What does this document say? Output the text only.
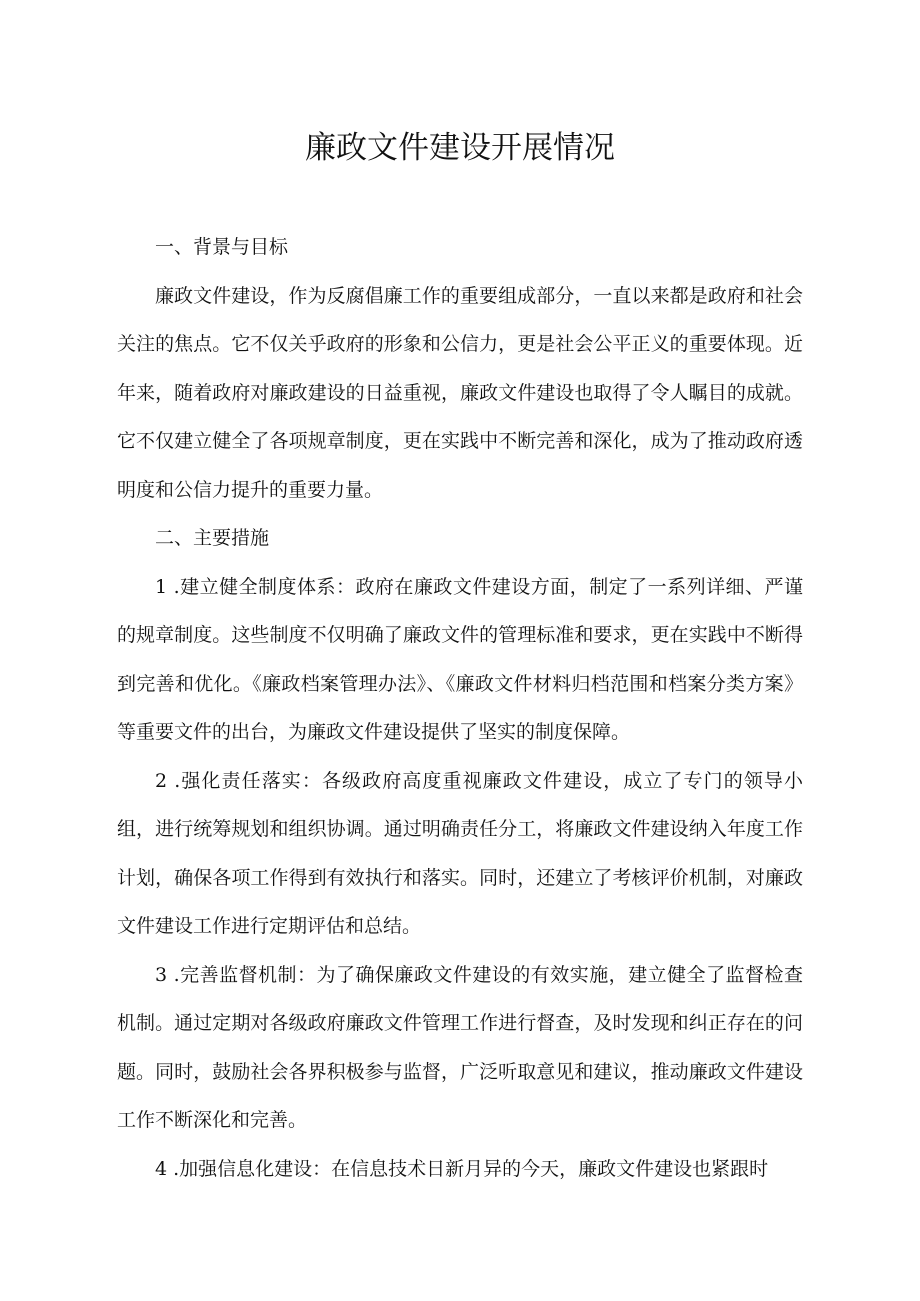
廉政文件建设开展情况

一、背景与目标

廉政文件建设，作为反腐倡廉工作的重要组成部分，一直以来都是政府和社会关注的焦点。它不仅关乎政府的形象和公信力，更是社会公平正义的重要体现。近年来，随着政府对廉政建设的日益重视，廉政文件建设也取得了令人瞩目的成就。它不仅建立健全了各项规章制度，更在实践中不断完善和深化，成为了推动政府透明度和公信力提升的重要力量。

二、主要措施

1 .建立健全制度体系：政府在廉政文件建设方面，制定了一系列详细、严谨的规章制度。这些制度不仅明确了廉政文件的管理标准和要求，更在实践中不断得到完善和优化。《廉政档案管理办法》、《廉政文件材料归档范围和档案分类方案》等重要文件的出台，为廉政文件建设提供了坚实的制度保障。

2 .强化责任落实：各级政府高度重视廉政文件建设，成立了专门的领导小组，进行统筹规划和组织协调。通过明确责任分工，将廉政文件建设纳入年度工作计划，确保各项工作得到有效执行和落实。同时，还建立了考核评价机制，对廉政文件建设工作进行定期评估和总结。

3 .完善监督机制：为了确保廉政文件建设的有效实施，建立健全了监督检查机制。通过定期对各级政府廉政文件管理工作进行督查，及时发现和纠正存在的问题。同时，鼓励社会各界积极参与监督，广泛听取意见和建议，推动廉政文件建设工作不断深化和完善。

4 .加强信息化建设：在信息技术日新月异的今天，廉政文件建设也紧跟时
